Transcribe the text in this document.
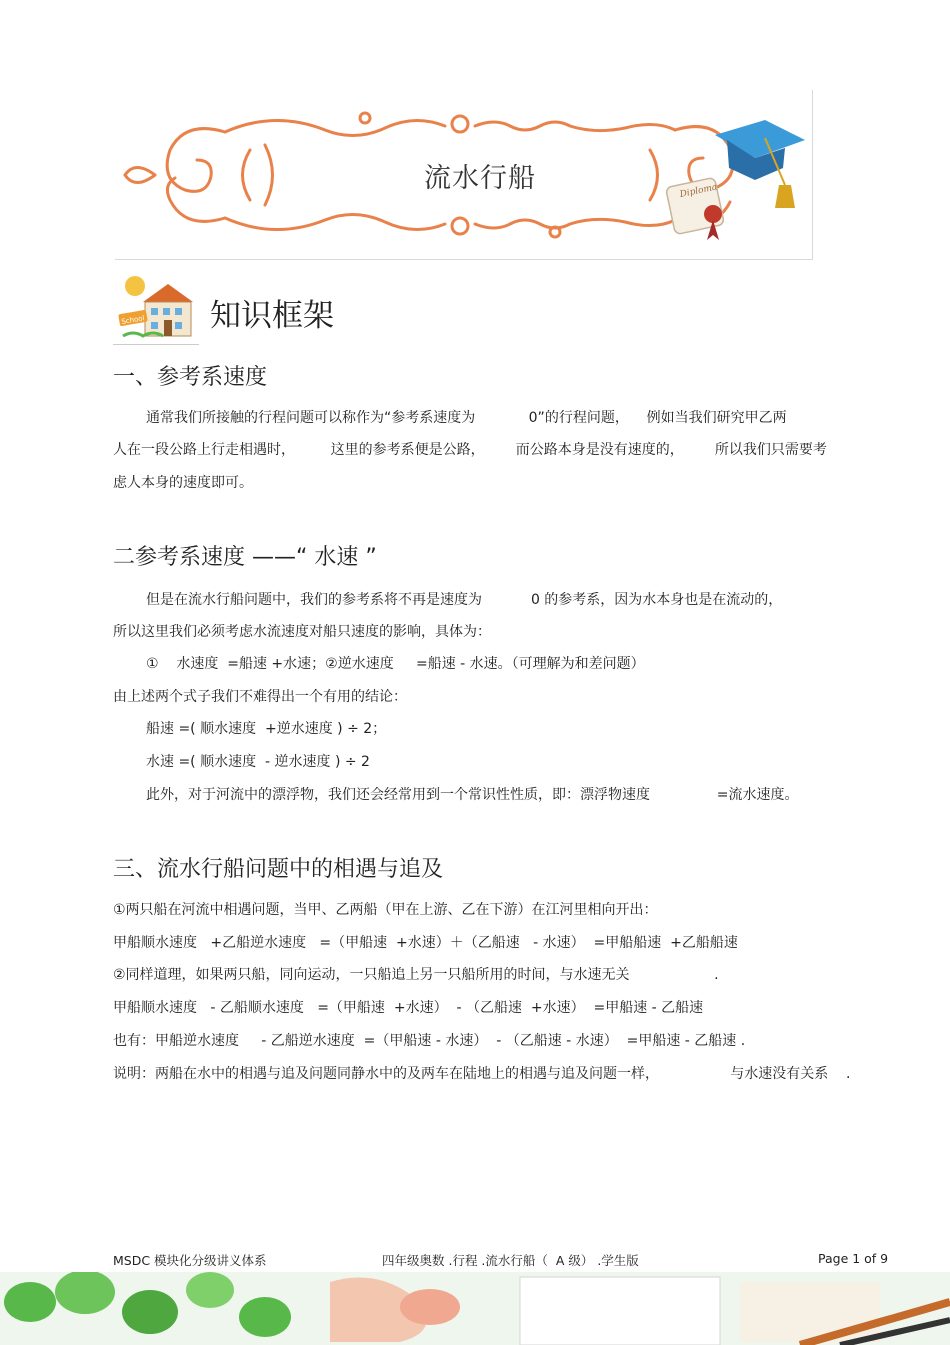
Diploma
流水行船
School 知识框架
一、参考系速度
通常我们所接触的行程问题可以称作为“参考系速度为            0”的行程问题，    例如当我们研究甲乙两
人在一段公路上行走相遇时，        这里的参考系便是公路，       而公路本身是没有速度的，       所以我们只需要考
虑人本身的速度即可。
二参考系速度 ——“ 水速 ”
但是在流水行船问题中，我们的参考系将不再是速度为           0 的参考系，因为水本身也是在流动的，
所以这里我们必须考虑水流速度对船只速度的影响，具体为：
①    水速度  =船速 +水速；②逆水速度     =船速 - 水速。（可理解为和差问题）
由上述两个式子我们不难得出一个有用的结论：
船速 =( 顺水速度  +逆水速度 ) ÷ 2；
水速 =( 顺水速度  - 逆水速度 ) ÷ 2
此外，对于河流中的漂浮物，我们还会经常用到一个常识性性质，即：漂浮物速度               =流水速度。
三、流水行船问题中的相遇与追及
①两只船在河流中相遇问题，当甲、乙两船（甲在上游、乙在下游）在江河里相向开出：
甲船顺水速度   +乙船逆水速度   =（甲船速  +水速）＋（乙船速   - 水速）  =甲船船速  +乙船船速
②同样道理，如果两只船，同向运动，一只船追上另一只船所用的时间，与水速无关                   .
甲船顺水速度   - 乙船顺水速度   =（甲船速  +水速）  - （乙船速  +水速）  =甲船速 - 乙船速
也有：甲船逆水速度     - 乙船逆水速度  =（甲船速 - 水速）  - （乙船速 - 水速）  =甲船速 - 乙船速 .
说明：两船在水中的相遇与追及问题同静水中的及两车在陆地上的相遇与追及问题一样，                与水速没有关系    .
MSDC 模块化分级讲义体系	四年级奥数 .行程 .流水行船（  A 级） .学生版	Page 1 of 9
